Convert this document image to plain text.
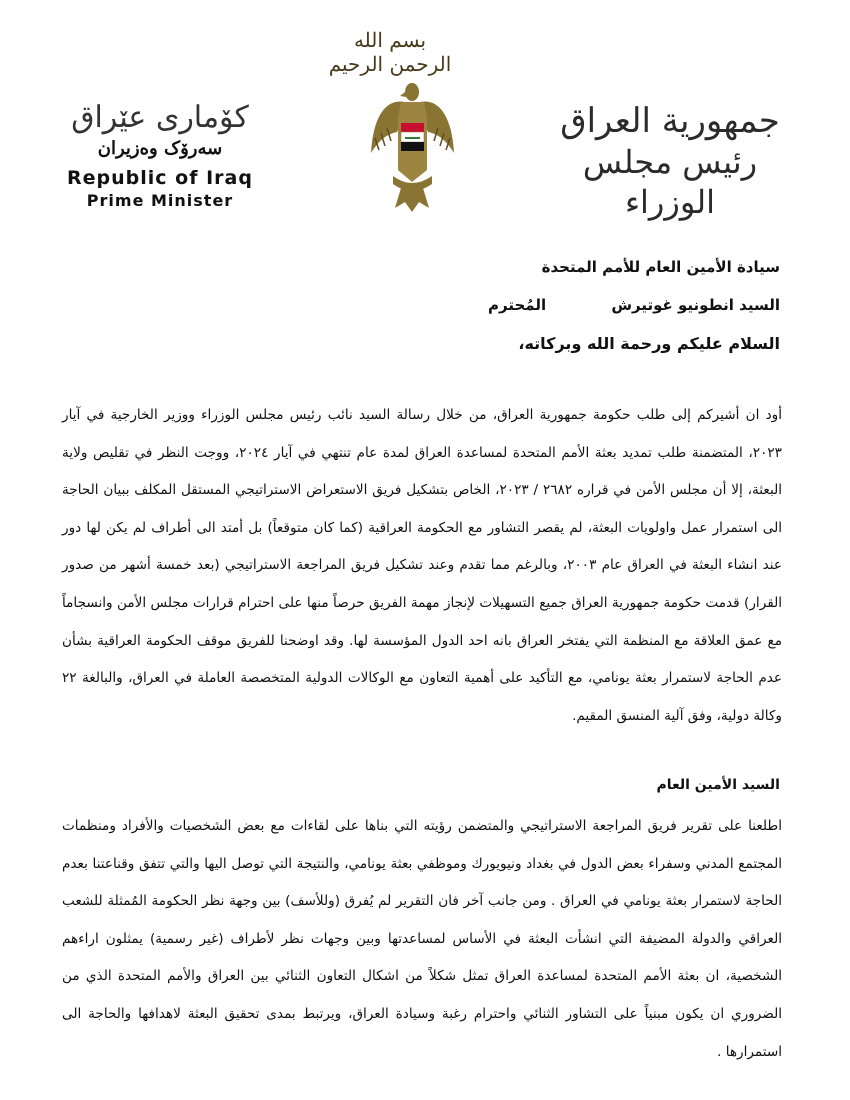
بسم الله الرحمن الرحيم
کۆماری عێراق
سەرۆک وەزیران
Republic of Iraq
Prime Minister
جمهورية العراق
رئيس مجلس الوزراء
سيادة الأمين العام للأمم المتحدة
السيد انطونيو غوتيرش المُحترم
السلام عليكم ورحمة الله وبركاته،
أود ان أشيركم إلى طلب حكومة جمهورية العراق، من خلال رسالة السيد نائب رئيس مجلس الوزراء ووزير الخارجية في آيار ٢٠٢٣، المتضمنة طلب تمديد بعثة الأمم المتحدة لمساعدة العراق لمدة عام تنتهي في آيار ٢٠٢٤، ووجت النظر في تقليص ولاية البعثة، إلا أن مجلس الأمن في قراره ٢٦٨٢ / ٢٠٢٣، الخاص بتشكيل فريق الاستعراض الاستراتيجي المستقل المكلف ببيان الحاجة الى استمرار عمل واولويات البعثة، لم يقصر التشاور مع الحكومة العراقية (كما كان متوقعاً) بل أمتد الى أطراف لم يكن لها دور عند انشاء البعثة في العراق عام ٢٠٠٣، وبالرغم مما تقدم وعند تشكيل فريق المراجعة الاستراتيجي (بعد خمسة أشهر من صدور القرار) قدمت حكومة جمهورية العراق جميع التسهيلات لإنجاز مهمة الفريق حرصاً منها على احترام قرارات مجلس الأمن وانسجاماً مع عمق العلاقة مع المنظمة التي يفتخر العراق بانه احد الدول المؤسسة لها. وقد اوضحنا للفريق موقف الحكومة العراقية بشأن عدم الحاجة لاستمرار بعثة يونامي، مع التأكيد على أهمية التعاون مع الوكالات الدولية المتخصصة العاملة في العراق، والبالغة ٢٢ وكالة دولية، وفق آلية المنسق المقيم.
السيد الأمين العام
اطلعنا على تقرير فريق المراجعة الاستراتيجي والمتضمن رؤيته التي بناها على لقاءات مع بعض الشخصيات والأفراد ومنظمات المجتمع المدني وسفراء بعض الدول في بغداد ونيويورك وموظفي بعثة يونامي، والنتيجة التي توصل اليها والتي تتفق وقناعتنا بعدم الحاجة لاستمرار بعثة يونامي في العراق . ومن جانب آخر فان التقرير لم يُفرق (وللأسف) بين وجهة نظر الحكومة المُمثلة للشعب العراقي والدولة المضيفة التي انشأت البعثة في الأساس لمساعدتها وبين وجهات نظر لأطراف (غير رسمية) يمثلون اراءهم الشخصية، ان بعثة الأمم المتحدة لمساعدة العراق تمثل شكلاً من اشكال التعاون الثنائي بين العراق والأمم المتحدة الذي من الضروري ان يكون مبنياً على التشاور الثنائي واحترام رغبة وسيادة العراق، ويرتبط بمدى تحقيق البعثة لاهدافها والحاجة الى استمرارها .
